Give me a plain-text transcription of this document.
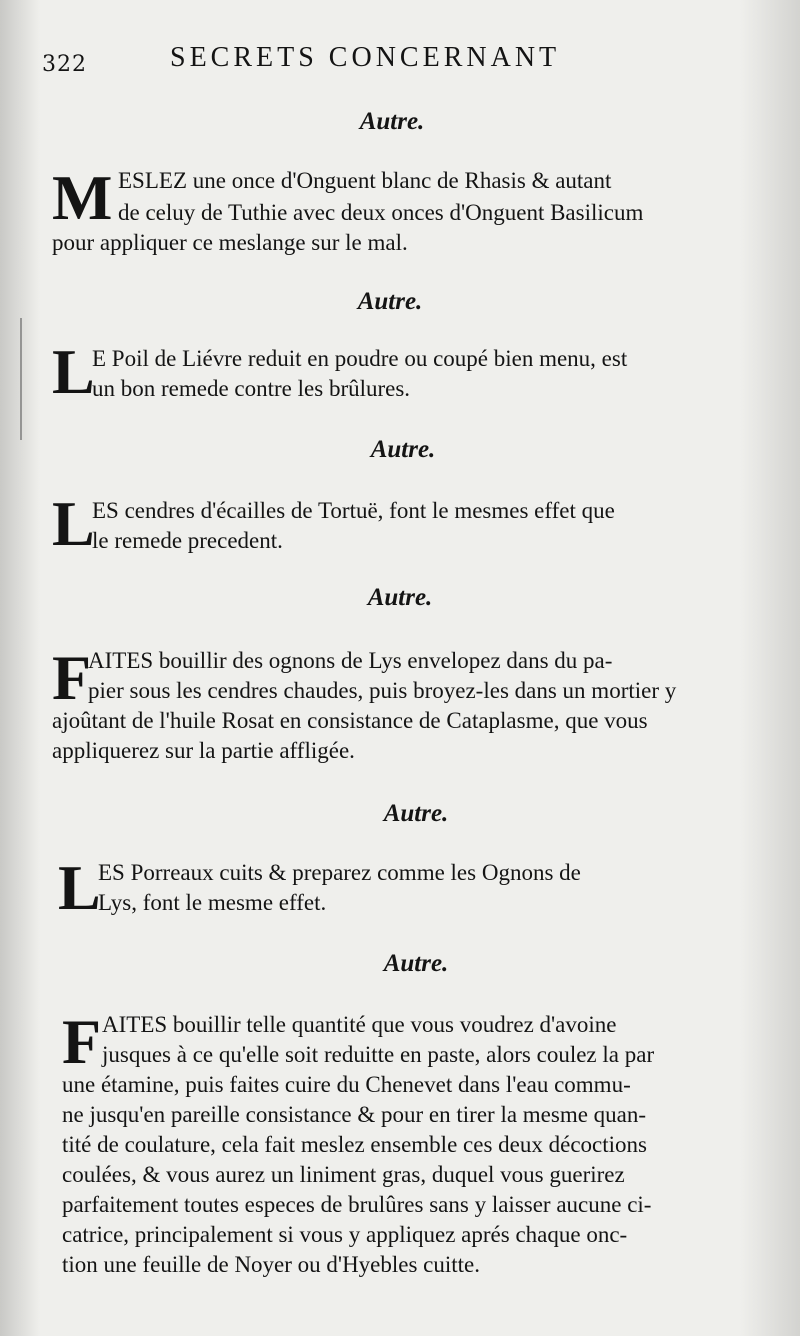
322	SECRETS CONCERNANT
Autre.
M ESLEZ une once d'Onguent blanc de Rhasis & autant
de celuy de Tuthie avec deux onces d'Onguent Basilicum
pour appliquer ce meslange sur le mal.
Autre.
L
E Poil de Liévre reduit en poudre ou coupé bien menu, est
un bon remede contre les brûlures.
Autre.
L
ES cendres d'écailles de Tortuë, font le mesmes effet que
le remede precedent.
Autre.
F
AITES bouillir des ognons de Lys envelopez dans du pa-
pier sous les cendres chaudes, puis broyez-les dans un mortier y
ajoûtant de l'huile Rosat en consistance de Cataplasme, que vous
appliquerez sur la partie affligée.
Autre.
L
ES Porreaux cuits & preparez comme les Ognons de
Lys, font le mesme effet.
Autre.
F AITES bouillir telle quantité que vous voudrez d'avoine
jusques à ce qu'elle soit reduitte en paste, alors coulez la par
une étamine, puis faites cuire du Chenevet dans l'eau commu-
ne jusqu'en pareille consistance & pour en tirer la mesme quan-
tité de coulature, cela fait meslez ensemble ces deux décoctions
coulées, & vous aurez un liniment gras, duquel vous guerirez
parfaitement toutes especes de brulûres sans y laisser aucune ci-
catrice, principalement si vous y appliquez aprés chaque onc-
tion une feuille de Noyer ou d'Hyebles cuitte.
